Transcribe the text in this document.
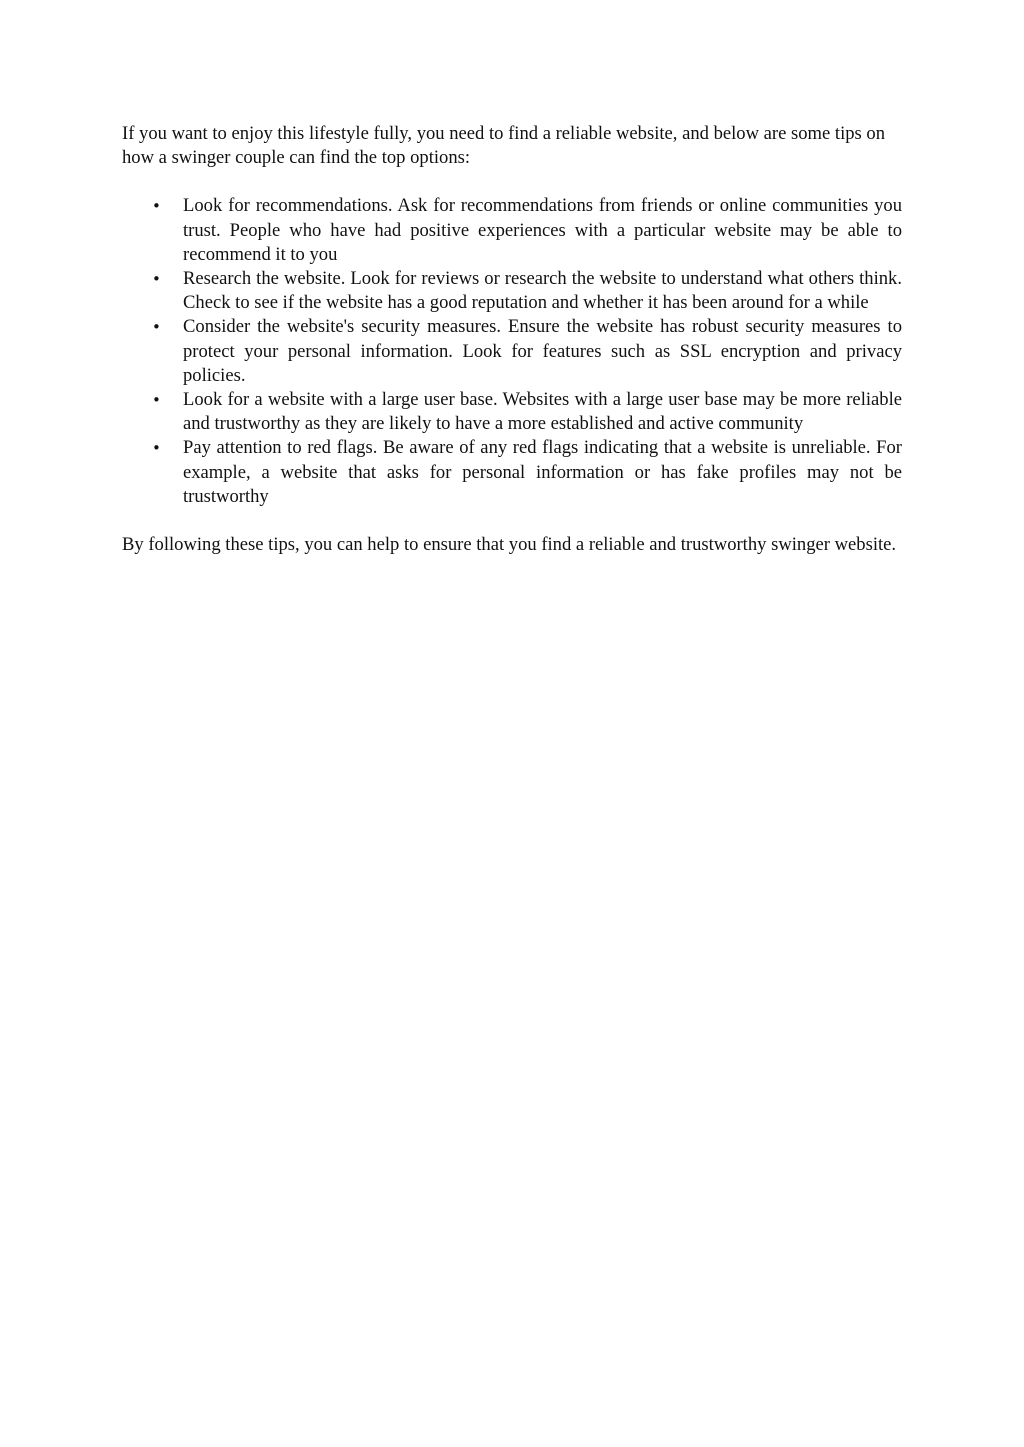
If you want to enjoy this lifestyle fully, you need to find a reliable website, and below are some tips on how a swinger couple can find the top options:

• Look for recommendations. Ask for recommendations from friends or online communities you trust. People who have had positive experiences with a particular website may be able to recommend it to you
• Research the website. Look for reviews or research the website to understand what others think. Check to see if the website has a good reputation and whether it has been around for a while
• Consider the website's security measures. Ensure the website has robust security measures to protect your personal information. Look for features such as SSL encryption and privacy policies.
• Look for a website with a large user base. Websites with a large user base may be more reliable and trustworthy as they are likely to have a more established and active community
• Pay attention to red flags. Be aware of any red flags indicating that a website is unreliable. For example, a website that asks for personal information or has fake profiles may not be trustworthy

By following these tips, you can help to ensure that you find a reliable and trustworthy swinger website.
